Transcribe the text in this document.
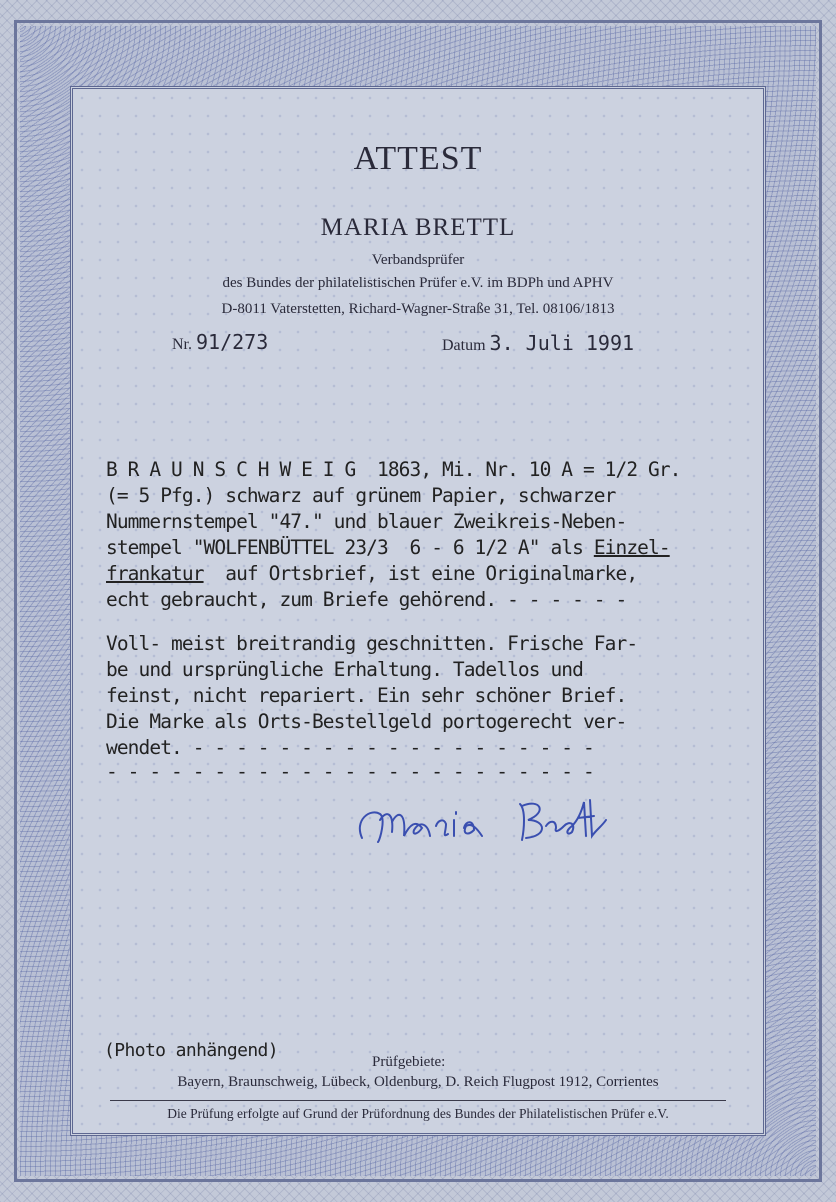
ATTEST
MARIA BRETTL
Verbandsprüfer
des Bundes der philatelistischen Prüfer e.V. im BDPh und APHV
D-8011 Vaterstetten, Richard-Wagner-Straße 31, Tel. 08106/1813
Nr. 91/273	Datum 3. Juli 1991
B R A U N S C H W E I G  1863, Mi. Nr. 10 A = 1/2 Gr.
(= 5 Pfg.) schwarz auf grünem Papier, schwarzer
Nummernstempel "47." und blauer Zweikreis-Neben-
stempel "WOLFENBÜTTEL 23/3  6 - 6 1/2 A" als Einzel-
frankatur  auf Ortsbrief, ist eine Originalmarke,
echt gebraucht, zum Briefe gehörend. - - - - - -
Voll- meist breitrandig geschnitten. Frische Far-
be und ursprüngliche Erhaltung. Tadellos und
feinst, nicht repariert. Ein sehr schöner Brief.
Die Marke als Orts-Bestellgeld portogerecht ver-
wendet. - - - - - - - - - - - - - - - - - - -
- - - - - - - - - - - - - - - - - - - - - - -
(Photo anhängend)
Prüfgebiete:
Bayern, Braunschweig, Lübeck, Oldenburg, D. Reich Flugpost 1912, Corrientes
Die Prüfung erfolgte auf Grund der Prüfordnung des Bundes der Philatelistischen Prüfer e.V.
